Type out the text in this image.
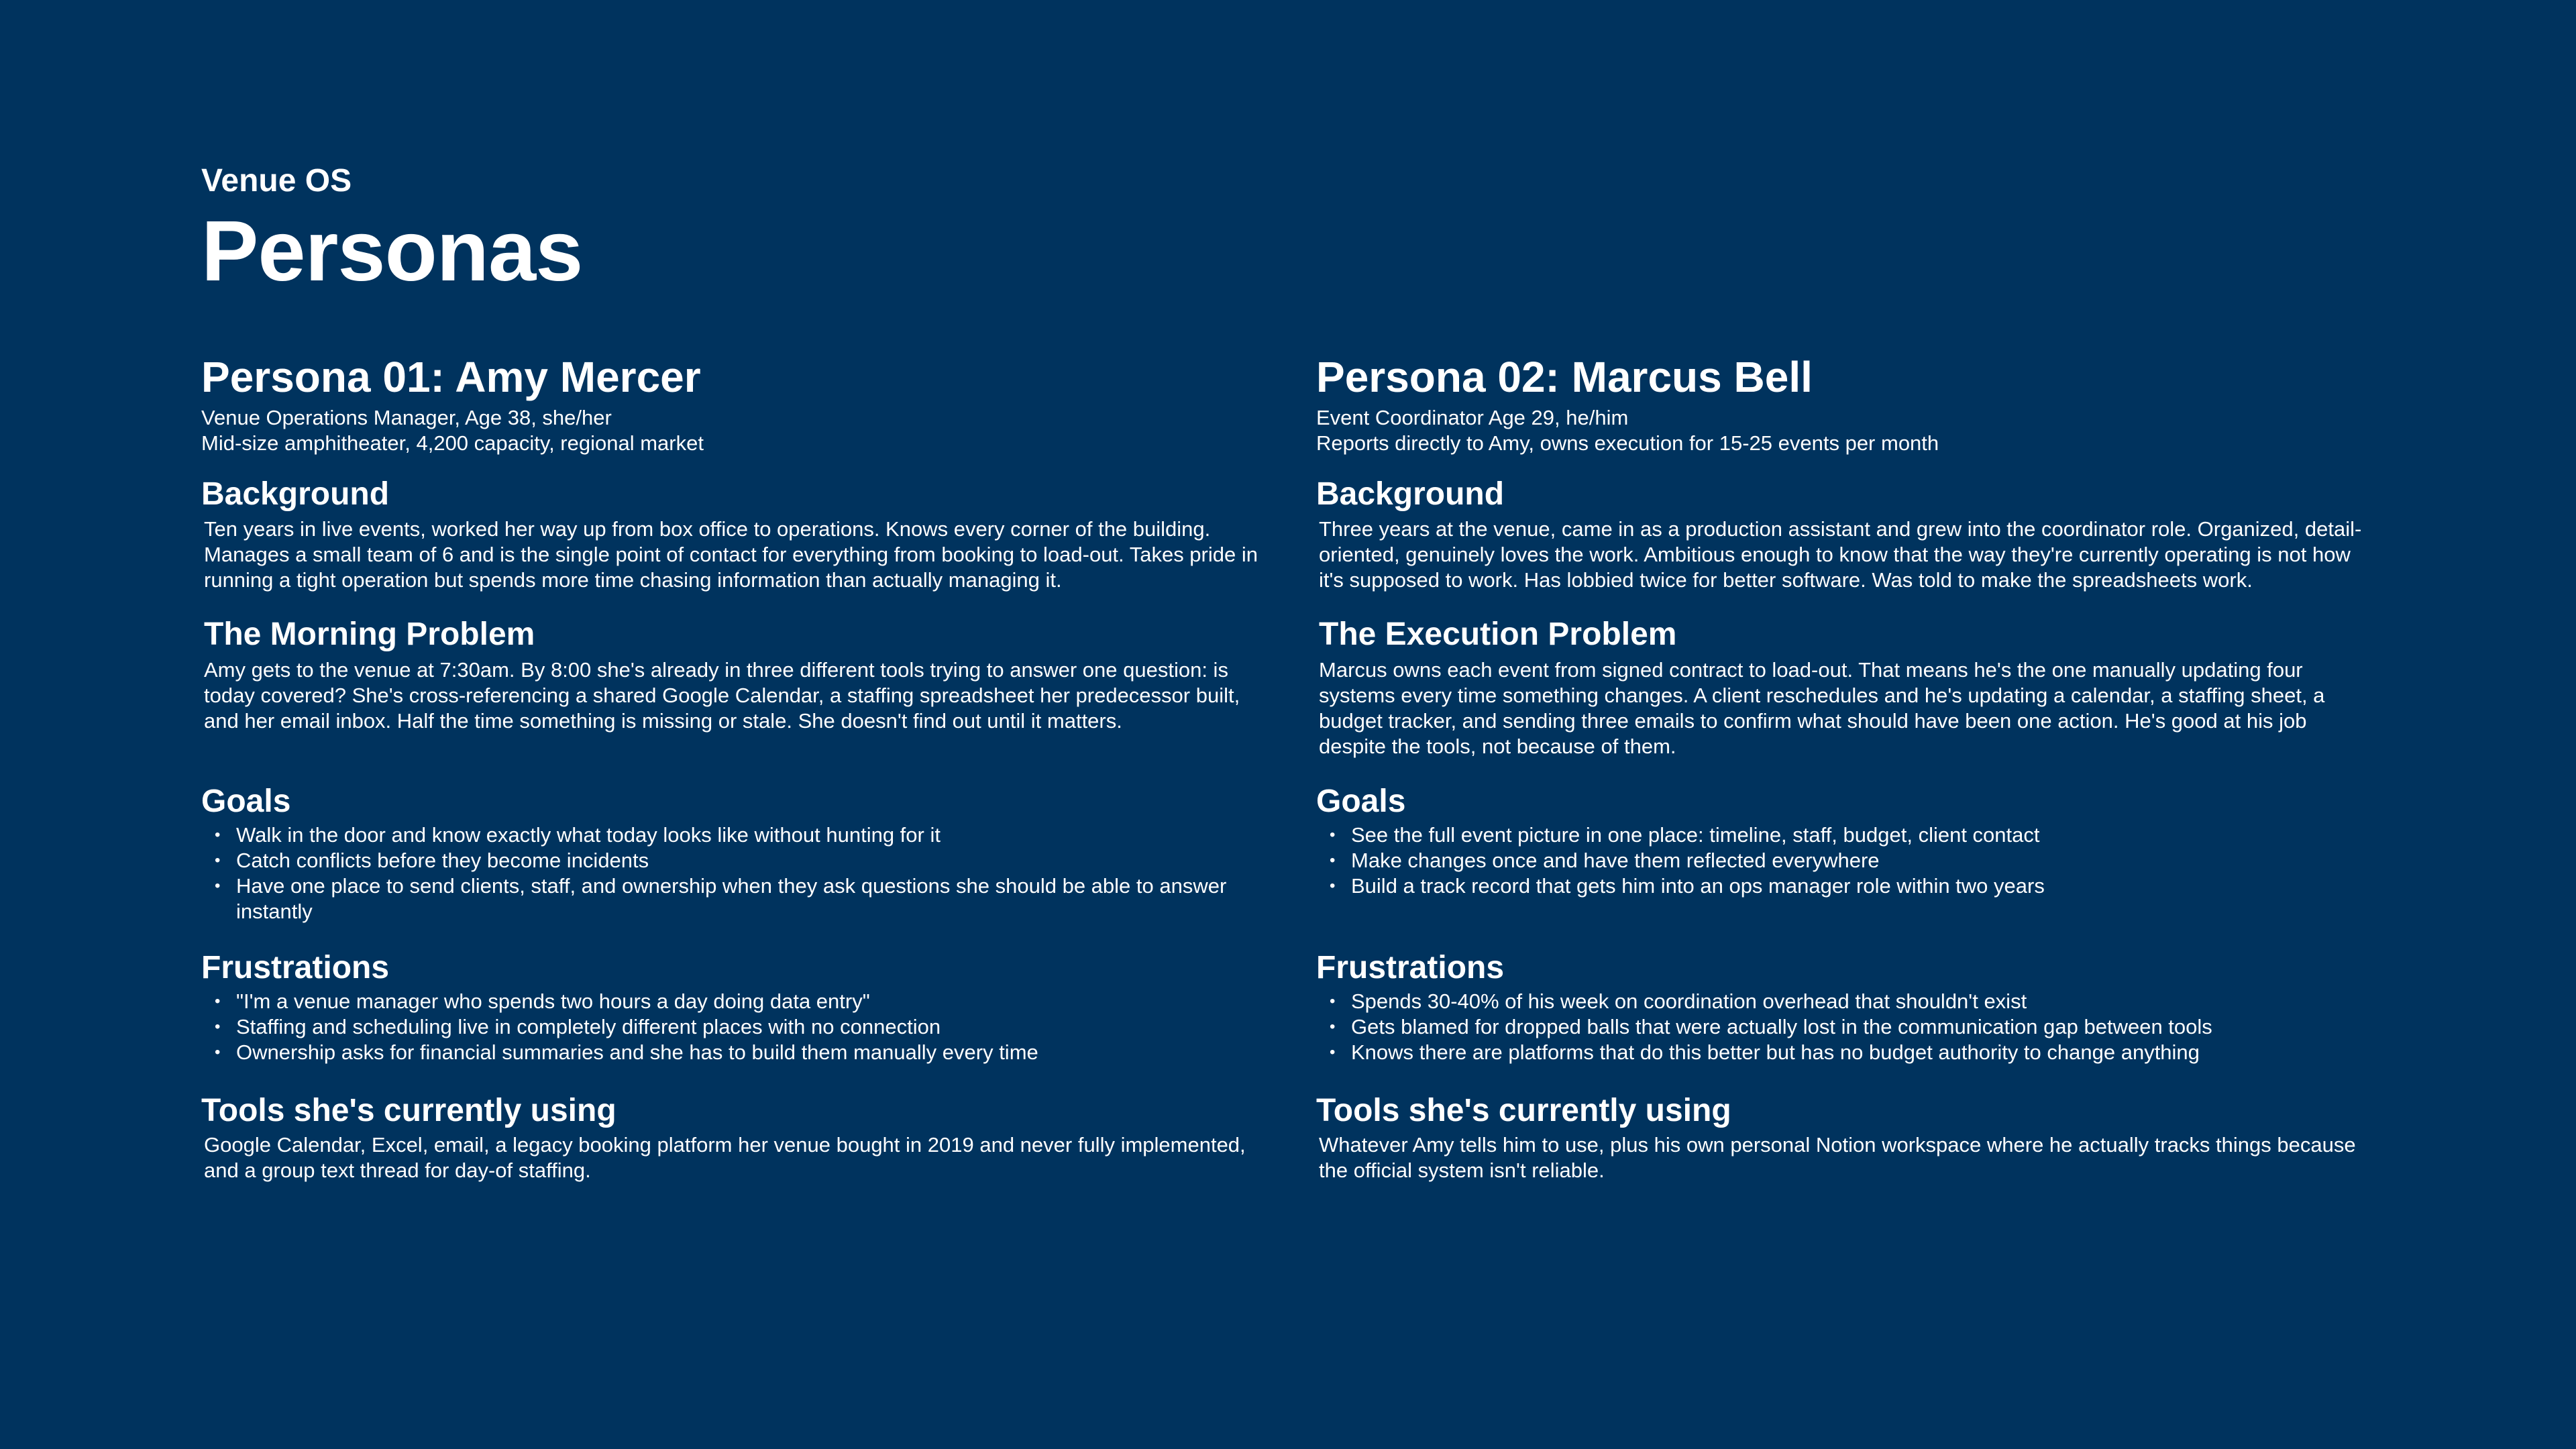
Venue OS
Personas
Persona 01: Amy Mercer

Venue Operations Manager, Age 38, she/her

Mid-size amphitheater, 4,200 capacity, regional market

Background

Ten years in live events, worked her way up from box office to operations. Knows every corner of the building. Manages a small team of 6 and is the single point of contact for everything from booking to load-out. Takes pride in running a tight operation but spends more time chasing information than actually managing it.

The Morning Problem

Amy gets to the venue at 7:30am. By 8:00 she's already in three different tools trying to answer one question: is today covered? She's cross-referencing a shared Google Calendar, a staffing spreadsheet her predecessor built, and her email inbox. Half the time something is missing or stale. She doesn't find out until it matters.

Goals
• Walk in the door and know exactly what today looks like without hunting for it
• Catch conflicts before they become incidents
• Have one place to send clients, staff, and ownership when they ask questions she should be able to answer instantly
Frustrations
• "I'm a venue manager who spends two hours a day doing data entry"
• Staffing and scheduling live in completely different places with no connection
• Ownership asks for financial summaries and she has to build them manually every time
Tools she's currently using

Google Calendar, Excel, email, a legacy booking platform her venue bought in 2019 and never fully implemented, and a group text thread for day-of staffing.

Persona 02: Marcus Bell

Event Coordinator Age 29, he/him

Reports directly to Amy, owns execution for 15-25 events per month

Background

Three years at the venue, came in as a production assistant and grew into the coordinator role. Organized, detail-oriented, genuinely loves the work. Ambitious enough to know that the way they're currently operating is not how it's supposed to work. Has lobbied twice for better software. Was told to make the spreadsheets work.

The Execution Problem

Marcus owns each event from signed contract to load-out. That means he's the one manually updating four systems every time something changes. A client reschedules and he's updating a calendar, a staffing sheet, a budget tracker, and sending three emails to confirm what should have been one action. He's good at his job despite the tools, not because of them.

Goals
• See the full event picture in one place: timeline, staff, budget, client contact
• Make changes once and have them reflected everywhere
• Build a track record that gets him into an ops manager role within two years
Frustrations
• Spends 30-40% of his week on coordination overhead that shouldn't exist
• Gets blamed for dropped balls that were actually lost in the communication gap between tools
• Knows there are platforms that do this better but has no budget authority to change anything
Tools she's currently using

Whatever Amy tells him to use, plus his own personal Notion workspace where he actually tracks things because the official system isn't reliable.
